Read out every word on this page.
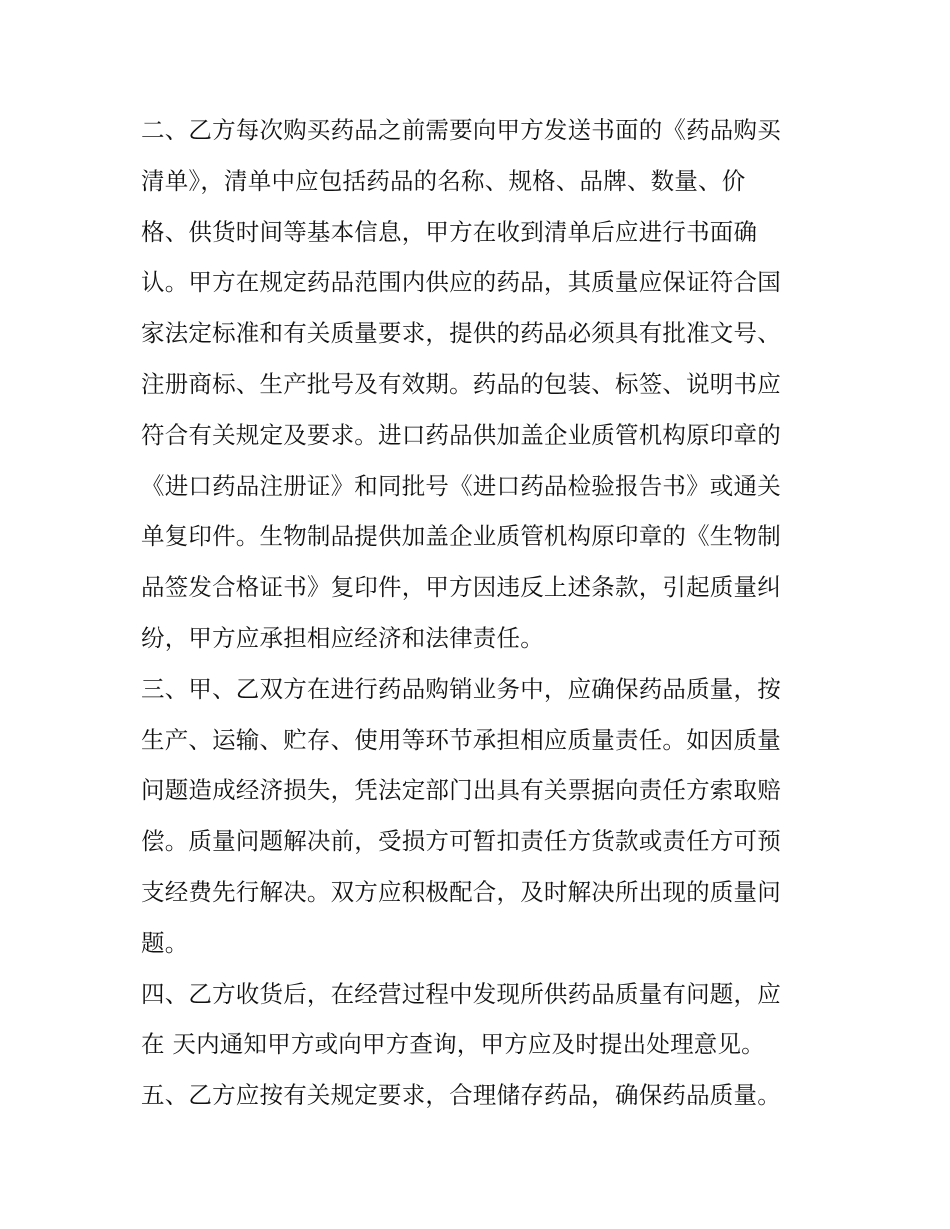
二、乙方每次购买药品之前需要向甲方发送书面的《药品购买
清单》，清单中应包括药品的名称、规格、品牌、数量、价
格、供货时间等基本信息，甲方在收到清单后应进行书面确
认。甲方在规定药品范围内供应的药品，其质量应保证符合国
家法定标准和有关质量要求，提供的药品必须具有批准文号、
注册商标、生产批号及有效期。药品的包装、标签、说明书应
符合有关规定及要求。进口药品供加盖企业质管机构原印章的
《进口药品注册证》和同批号《进口药品检验报告书》或通关
单复印件。生物制品提供加盖企业质管机构原印章的《生物制
品签发合格证书》复印件，甲方因违反上述条款，引起质量纠
纷，甲方应承担相应经济和法律责任。
三、甲、乙双方在进行药品购销业务中，应确保药品质量，按
生产、运输、贮存、使用等环节承担相应质量责任。如因质量
问题造成经济损失，凭法定部门出具有关票据向责任方索取赔
偿。质量问题解决前，受损方可暂扣责任方货款或责任方可预
支经费先行解决。双方应积极配合，及时解决所出现的质量问
题。
四、乙方收货后，在经营过程中发现所供药品质量有问题，应
在 天内通知甲方或向甲方查询，甲方应及时提出处理意见。
五、乙方应按有关规定要求，合理储存药品，确保药品质量。
